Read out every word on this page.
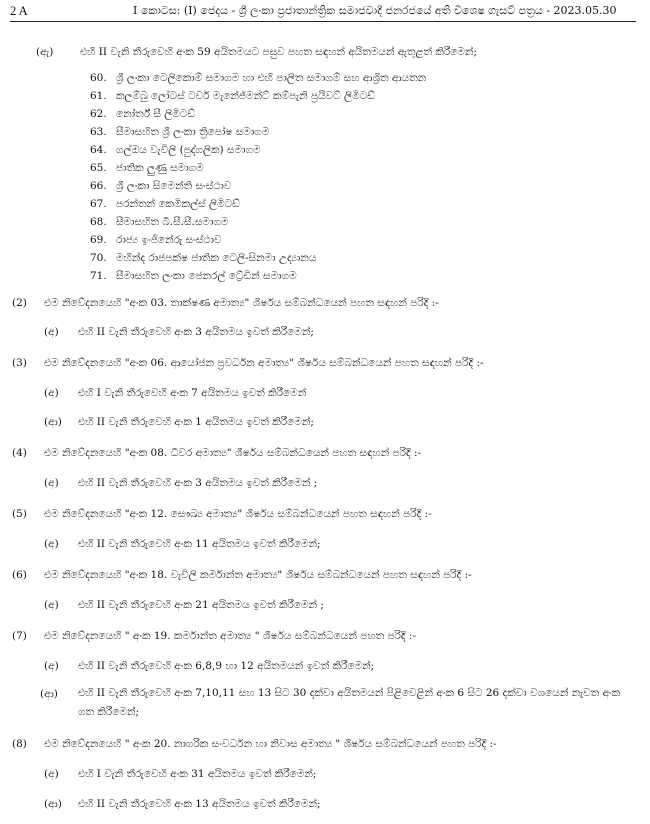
2 A	I කොටස: (I) ජෙදය - ශ්‍රී ලංකා ප්‍රජාතාන්ත්‍රික සමාජවාදී ජනරජයේ අති විශෙෂ ගැසට් පත්‍රය - 2023.05.30
(ඇ)	එහි II වැනි තීරුවෙහි අංක 59 අයිතමයට පසුව පහත සඳහන් අයිතමයන් ඇතුළත් කිරීමෙන්;
60. ශ්‍රී ලංකා ටෙලිකොම් සමාගම හා එහි පාලිත සමාගම් සහ ආශ්‍රිත ආයතන
61. කලම්බු ලෝටස් ටවර් මැනේජ්මන්ට් කම්පැනි ප්‍රයිවට් ලිමිටඩ්
62. නෝර්ත් සී ලිමිටඩ්
63. සීමාසහිත ශ්‍රී ලංකා ත්‍රිපෝෂ සමාගම
64. ගල්ඔය වැවිලි (පුද්ගලික) සමාගම
65. ජාතික ලුණු සමාගම
66. ශ්‍රී ලංකා සිමෙන්ති සංස්ථාව
67. පරන්තන් කෙමිකල්ස් ලිමිටඩ්
68. සීමාසහිත බී.සී.සී.සමාගම
69. රාජ්‍ය ඉංජිනේරු සංස්ථාව
70. මහින්ද රාජපක්ෂ ජාතික ටෙලි-සිනමා උද්‍යානය
71. සීමාසහිත ලංකා ජෙනරල් ට්‍රේඩින් සමාගම
(2) එම නිවේදනයෙහි "අංක 03. තාක්ෂණ අමාත්‍ය" ශීර්ෂය සම්බන්ධයෙන් පහත සඳහන් පරිදි :-
(අ) එහි II වැනි තීරුවෙහි අංක 3 අයිතමය ඉවත් කිරීමෙන්;
(3) එම නිවේදනයෙහි "අංක 06. ආයෝජන ප්‍රවර්ධන අමාත්‍ය" ශීර්ෂය සම්බන්ධයෙන් පහත සඳහන් පරිදි :-
(අ) එහි I වැනි තීරුවෙහි අංක 7 අයිතමය ඉවත් කිරීමෙන්
(ආ) එහි II වැනි තීරුවෙහි අංක 1 අයිතමය ඉවත් කිරීමෙන්;
(4) එම නිවේදනයෙහි "අංක 08. ධීවර අමාත්‍ය" ශීර්ෂය සම්බන්ධයෙන් පහත සඳහන් පරිදි :-
(අ) එහි II වැනි තීරුවෙහි අංක 3 අයිතමය ඉවත් කිරීමෙන් ;
(5) එම නිවේදනයෙහි "අංක 12. සෞඛ්‍ය අමාත්‍ය" ශීර්ෂය සම්බන්ධයෙන් පහත සඳහන් පරිදි :-
(අ) එහි II වැනි තීරුවෙහි අංක 11 අයිතමය ඉවත් කිරීමෙන්;
(6) එම නිවේදනයෙහි "අංක 18. වැවිලි කර්මාන්ත අමාත්‍ය" ශීර්ෂය සම්බන්ධයෙන් පහත සඳහන් පරිදි :-
(අ) එහි II වැනි තීරුවෙහි අංක 21 අයිතමය ඉවත් කිරීමෙන් ;
(7) එම නිවේදනයෙහි " අංක 19. කර්මාන්ත අමාත්‍ය " ශීර්ෂය සම්බන්ධයෙන් පහත පරිදි :-
(අ) එහි II වැනි තීරුවෙහි අංක 6,8,9 හා 12 අයිතමයන් ඉවත් කිරීමෙන්;
(ආ) එහි II වැනි තීරුවෙහි අංක 7,10,11 සහ 13 සිට 30 දක්වා අයිතමයන් පිළිවෙළින් අංක 6 සිට 26 දක්වා වශයෙන් නැවත අංක ගත කිරීමෙන්;
(8) එම නිවේදනයෙහි " අංක 20. නාගරික සංවර්ධන හා නිවාස අමාත්‍ය " ශීර්ෂය සම්බන්ධයෙන් පහත පරිදි :-
(අ) එහි I වැනි තීරුවෙහි අංක 31 අයිතමය ඉවත් කිරීමෙන්;
(ආ) එහි II වැනි තීරුවෙහි අංක 13 අයිතමය ඉවත් කිරීමෙන්;
